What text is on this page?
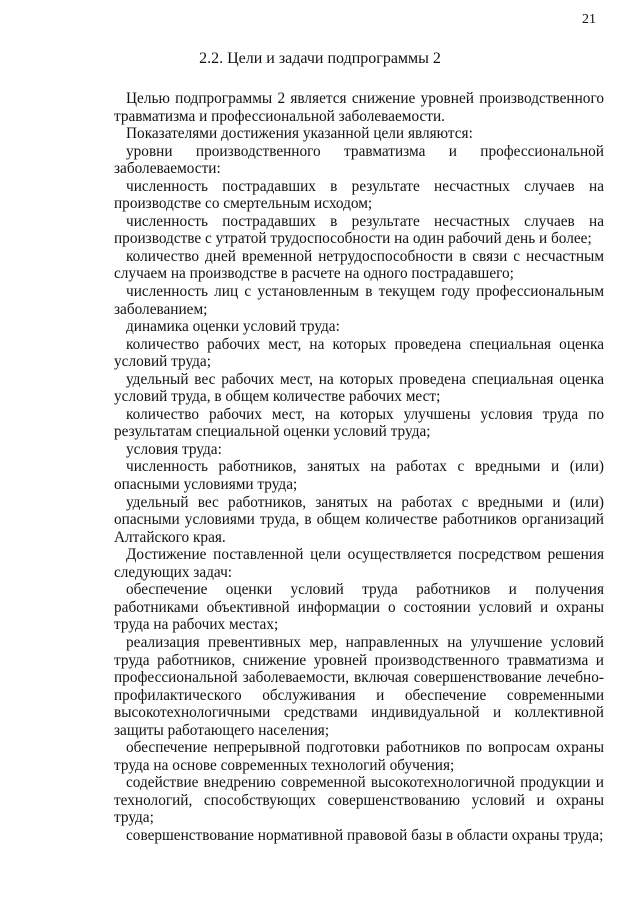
21
2.2. Цели и задачи подпрограммы 2

Целью подпрограммы 2 является снижение уровней производственного травматизма и профессиональной заболеваемости.

Показателями достижения указанной цели являются:

уровни производственного травматизма и профессиональной заболеваемости:

численность пострадавших в результате несчастных случаев на производстве со смертельным исходом;

численность пострадавших в результате несчастных случаев на производстве с утратой трудоспособности на один рабочий день и более;

количество дней временной нетрудоспособности в связи с несчастным случаем на производстве в расчете на одного пострадавшего;

численность лиц с установленным в текущем году профессиональным заболеванием;

динамика оценки условий труда:

количество рабочих мест, на которых проведена специальная оценка условий труда;

удельный вес рабочих мест, на которых проведена специальная оценка условий труда, в общем количестве рабочих мест;

количество рабочих мест, на которых улучшены условия труда по результатам специальной оценки условий труда;

условия труда:

численность работников, занятых на работах с вредными и (или) опасными условиями труда;

удельный вес работников, занятых на работах с вредными и (или) опасными условиями труда, в общем количестве работников организаций Алтайского края.

Достижение поставленной цели осуществляется посредством решения следующих задач:

обеспечение оценки условий труда работников и получения работниками объективной информации о состоянии условий и охраны труда на рабочих местах;

реализация превентивных мер, направленных на улучшение условий труда работников, снижение уровней производственного травматизма и профессиональной заболеваемости, включая совершенствование лечебно-профилактического обслуживания и обеспечение современными высокотехнологичными средствами индивидуальной и коллективной защиты работающего населения;

обеспечение непрерывной подготовки работников по вопросам охраны труда на основе современных технологий обучения;

содействие внедрению современной высокотехнологичной продукции и технологий, способствующих совершенствованию условий и охраны труда;

совершенствование нормативной правовой базы в области охраны труда;
